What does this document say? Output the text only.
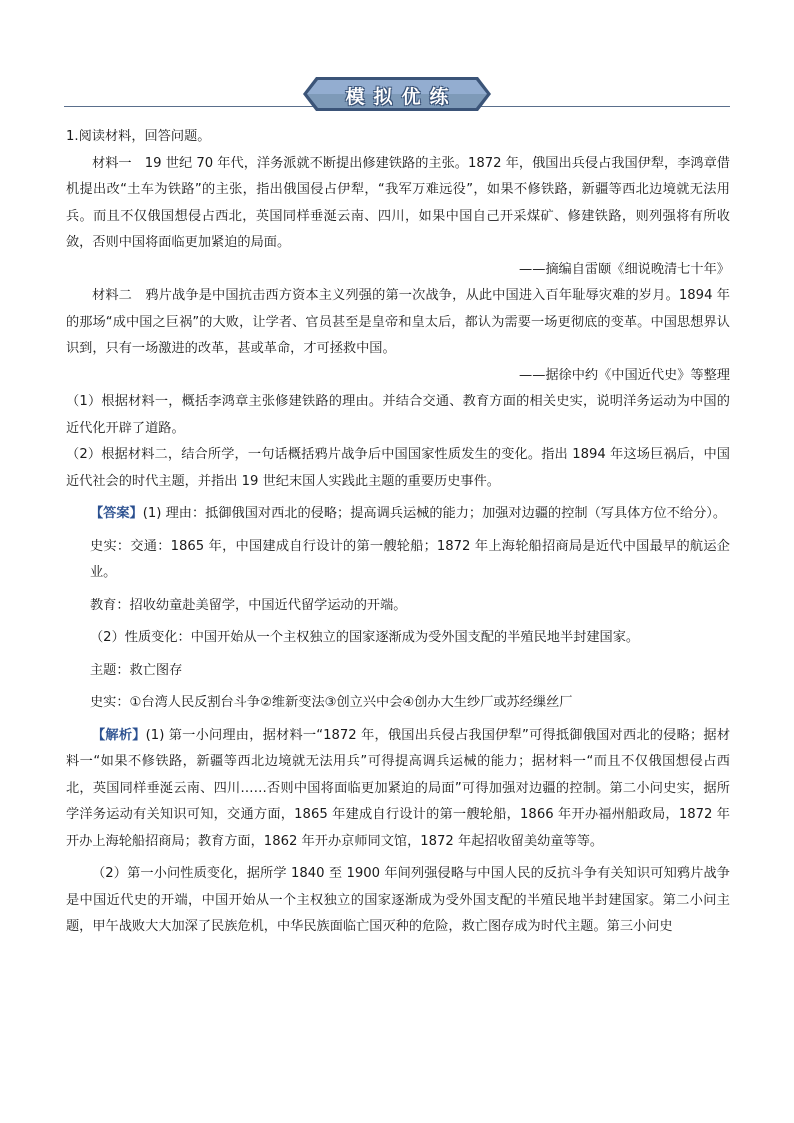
模拟优练

1.阅读材料，回答问题。

材料一　19 世纪 70 年代，洋务派就不断提出修建铁路的主张。1872 年，俄国出兵侵占我国伊犁，李鸿章借机提出改“土车为铁路”的主张，指出俄国侵占伊犁，“我军万难远役”，如果不修铁路，新疆等西北边境就无法用兵。而且不仅俄国想侵占西北，英国同样垂涎云南、四川，如果中国自己开采煤矿、修建铁路，则列强将有所收敛，否则中国将面临更加紧迫的局面。

——摘编自雷颐《细说晚清七十年》

材料二　鸦片战争是中国抗击西方资本主义列强的第一次战争，从此中国进入百年耻辱灾难的岁月。1894 年的那场“成中国之巨祸”的大败，让学者、官员甚至是皇帝和皇太后，都认为需要一场更彻底的变革。中国思想界认识到，只有一场激进的改革，甚或革命，才可拯救中国。

——据徐中约《中国近代史》等整理

（1）根据材料一，概括李鸿章主张修建铁路的理由。并结合交通、教育方面的相关史实，说明洋务运动为中国的近代化开辟了道路。

（2）根据材料二，结合所学，一句话概括鸦片战争后中国国家性质发生的变化。指出 1894 年这场巨祸后，中国近代社会的时代主题，并指出 19 世纪末国人实践此主题的重要历史事件。

【答案】(1) 理由：抵御俄国对西北的侵略；提高调兵运械的能力；加强对边疆的控制（写具体方位不给分）。

史实：交通：1865 年，中国建成自行设计的第一艘轮船；1872 年上海轮船招商局是近代中国最早的航运企业。

教育：招收幼童赴美留学，中国近代留学运动的开端。

（2）性质变化：中国开始从一个主权独立的国家逐渐成为受外国支配的半殖民地半封建国家。

主题：救亡图存

史实：①台湾人民反割台斗争②维新变法③创立兴中会④创办大生纱厂或苏经缫丝厂

【解析】(1) 第一小问理由，据材料一“1872 年，俄国出兵侵占我国伊犁”可得抵御俄国对西北的侵略；据材料一“如果不修铁路，新疆等西北边境就无法用兵”可得提高调兵运械的能力；据材料一“而且不仅俄国想侵占西北，英国同样垂涎云南、四川……否则中国将面临更加紧迫的局面”可得加强对边疆的控制。第二小问史实，据所学洋务运动有关知识可知，交通方面，1865 年建成自行设计的第一艘轮船，1866 年开办福州船政局，1872 年开办上海轮船招商局；教育方面，1862 年开办京师同文馆，1872 年起招收留美幼童等等。

（2）第一小问性质变化，据所学 1840 至 1900 年间列强侵略与中国人民的反抗斗争有关知识可知鸦片战争是中国近代史的开端，中国开始从一个主权独立的国家逐渐成为受外国支配的半殖民地半封建国家。第二小问主题，甲午战败大大加深了民族危机，中华民族面临亡国灭种的危险，救亡图存成为时代主题。第三小问史
